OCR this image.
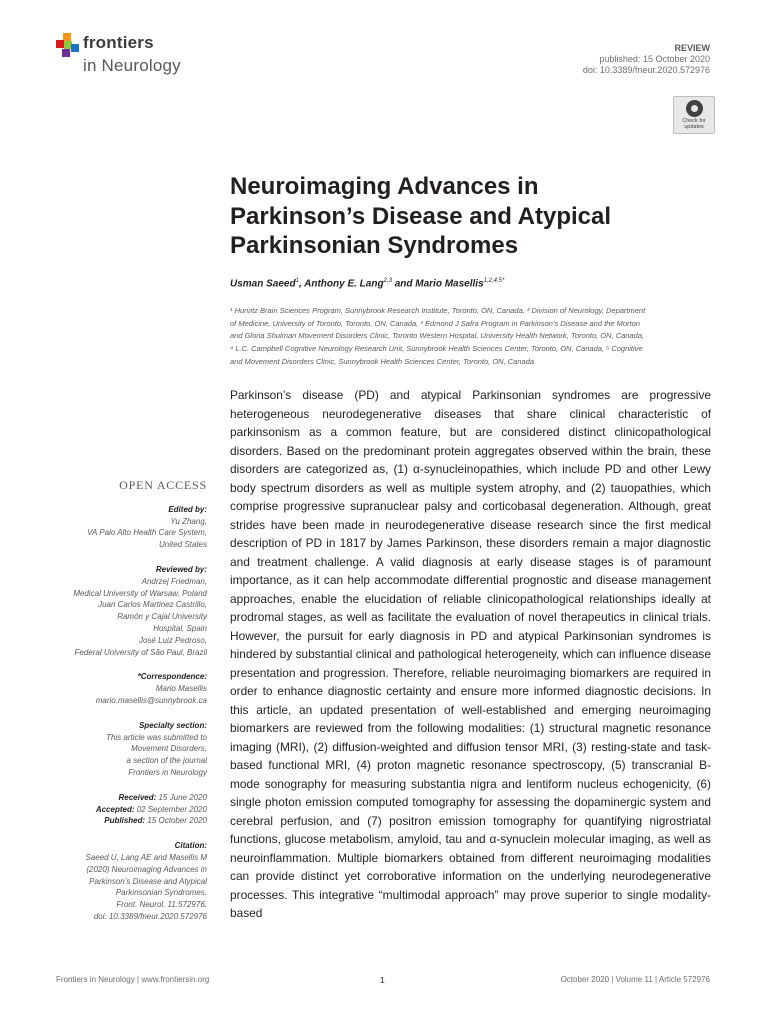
frontiers
in Neurology
REVIEW
published: 15 October 2020
doi: 10.3389/fneur.2020.572976
Check for
updates
Neuroimaging Advances in
Parkinson’s Disease and Atypical
Parkinsonian Syndromes
Usman Saeed$^1$, Anthony E. Lang$^{2,3}$ and Mario Masellis$^{1,2,4,5*}$
¹ Hurvitz Brain Sciences Program, Sunnybrook Research Institute, Toronto, ON, Canada, ² Division of Neurology, Department
of Medicine, University of Toronto, Toronto, ON, Canada, ³ Edmond J Safra Program in Parkinson’s Disease and the Morton
and Gloria Shulman Movement Disorders Clinic, Toronto Western Hospital, University Health Network, Toronto, ON, Canada,
⁴ L.C. Campbell Cognitive Neurology Research Unit, Sunnybrook Health Sciences Center, Toronto, ON, Canada, ⁵ Cognitive
and Movement Disorders Clinic, Sunnybrook Health Sciences Center, Toronto, ON, Canada
Parkinson’s disease (PD) and atypical Parkinsonian syndromes are progressive heterogeneous neurodegenerative diseases that share clinical characteristic of parkinsonism as a common feature, but are considered distinct clinicopathological disorders. Based on the predominant protein aggregates observed within the brain, these disorders are categorized as, (1) α-synucleinopathies, which include PD and other Lewy body spectrum disorders as well as multiple system atrophy, and (2) tauopathies, which comprise progressive supranuclear palsy and corticobasal degeneration. Although, great strides have been made in neurodegenerative disease research since the first medical description of PD in 1817 by James Parkinson, these disorders remain a major diagnostic and treatment challenge. A valid diagnosis at early disease stages is of paramount importance, as it can help accommodate differential prognostic and disease management approaches, enable the elucidation of reliable clinicopathological relationships ideally at prodromal stages, as well as facilitate the evaluation of novel therapeutics in clinical trials. However, the pursuit for early diagnosis in PD and atypical Parkinsonian syndromes is hindered by substantial clinical and pathological heterogeneity, which can influence disease presentation and progression. Therefore, reliable neuroimaging biomarkers are required in order to enhance diagnostic certainty and ensure more informed diagnostic decisions. In this article, an updated presentation of well-established and emerging neuroimaging biomarkers are reviewed from the following modalities: (1) structural magnetic resonance imaging (MRI), (2) diffusion-weighted and diffusion tensor MRI, (3) resting-state and task-based functional MRI, (4) proton magnetic resonance spectroscopy, (5) transcranial B-mode sonography for measuring substantia nigra and lentiform nucleus echogenicity, (6) single photon emission computed tomography for assessing the dopaminergic system and cerebral perfusion, and (7) positron emission tomography for quantifying nigrostriatal functions, glucose metabolism, amyloid, tau and α-synuclein molecular imaging, as well as neuroinflammation. Multiple biomarkers obtained from different neuroimaging modalities can provide distinct yet corroborative information on the underlying neurodegenerative processes. This integrative “multimodal approach” may prove superior to single modality-based
OPEN ACCESS
Edited by:
Yu Zhang,
VA Palo Alto Health Care System,
United States
Reviewed by:
Andrzej Friedman,
Medical University of Warsaw, Poland
Juan Carlos Martinez Castrillo,
Ramón y Cajal University
Hospital, Spain
José Luiz Pedroso,
Federal University of São Paul, Brazil
*Correspondence:
Mario Masellis
mario.masellis@sunnybrook.ca
Specialty section:
This article was submitted to
Movement Disorders,
a section of the journal
Frontiers in Neurology
Received: 15 June 2020
Accepted: 02 September 2020
Published: 15 October 2020
Citation:
Saeed U, Lang AE and Masellis M
(2020) Neuroimaging Advances in
Parkinson’s Disease and Atypical
Parkinsonian Syndromes.
Front. Neurol. 11:572976.
doi: 10.3389/fneur.2020.572976
Frontiers in Neurology | www.frontiersin.org	1	October 2020 | Volume 11 | Article 572976
